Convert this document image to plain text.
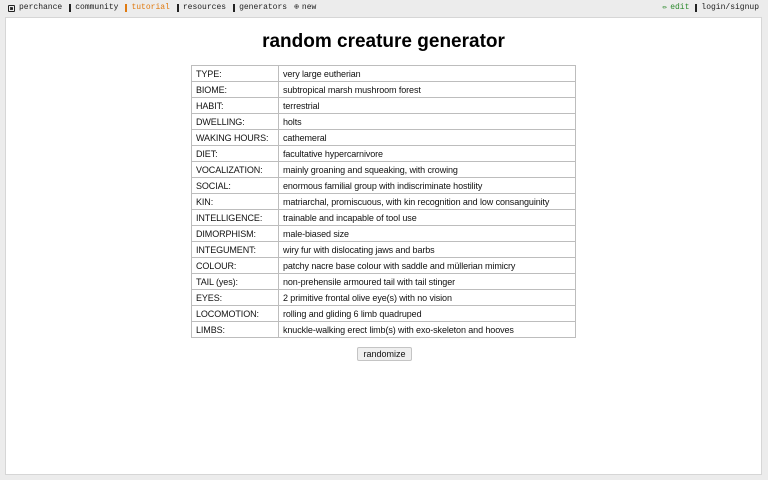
perchance community tutorial resources generators ⊕ new	✏ edit login/signup
random creature generator
TYPE:	very large eutherian
BIOME:	subtropical marsh mushroom forest
HABIT:	terrestrial
DWELLING:	holts
WAKING HOURS:	cathemeral
DIET:	facultative hypercarnivore
VOCALIZATION:	mainly groaning and squeaking, with crowing
SOCIAL:	enormous familial group with indiscriminate hostility
KIN:	matriarchal, promiscuous, with kin recognition and low consanguinity
INTELLIGENCE:	trainable and incapable of tool use
DIMORPHISM:	male-biased size
INTEGUMENT:	wiry fur with dislocating jaws and barbs
COLOUR:	patchy nacre base colour with saddle and müllerian mimicry
TAIL (yes):	non-prehensile armoured tail with tail stinger
EYES:	2 primitive frontal olive eye(s) with no vision
LOCOMOTION:	rolling and gliding 6 limb quadruped
LIMBS:	knuckle-walking erect limb(s) with exo-skeleton and hooves
randomize
